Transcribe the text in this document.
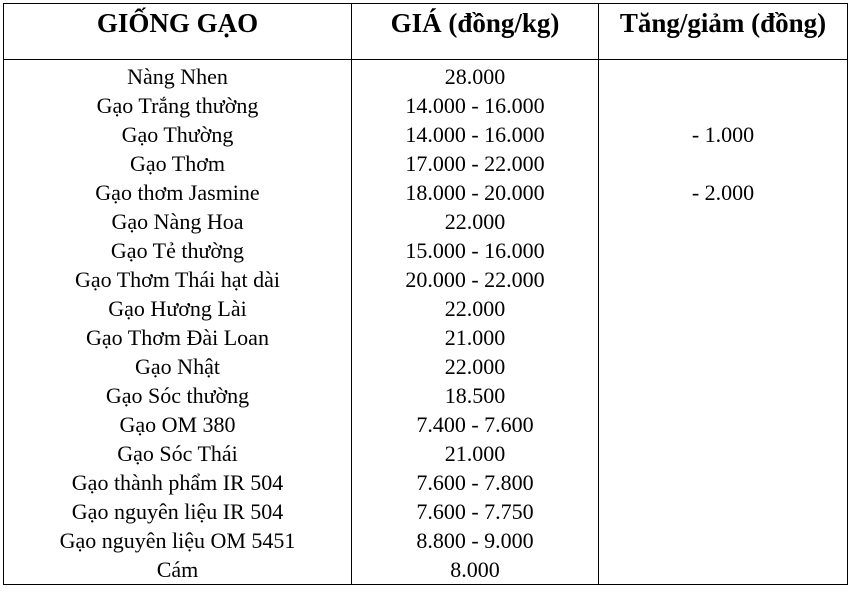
GIỐNG GẠO	GIÁ (đồng/kg)	Tăng/giảm (đồng)
Nàng Nhen	28.000	
Gạo Trắng thường	14.000 - 16.000	
Gạo Thường	14.000 - 16.000	- 1.000
Gạo Thơm	17.000 - 22.000	
Gạo thơm Jasmine	18.000 - 20.000	- 2.000
Gạo Nàng Hoa	22.000	
Gạo Tẻ thường	15.000 - 16.000	
Gạo Thơm Thái hạt dài	20.000 - 22.000	
Gạo Hương Lài	22.000	
Gạo Thơm Đài Loan	21.000	
Gạo Nhật	22.000	
Gạo Sóc thường	18.500	
Gạo OM 380	7.400 - 7.600	
Gạo Sóc Thái	21.000	
Gạo thành phẩm IR 504	7.600 - 7.800	
Gạo nguyên liệu IR 504	7.600 - 7.750	
Gạo nguyên liệu OM 5451	8.800 - 9.000	
Cám	8.000	
